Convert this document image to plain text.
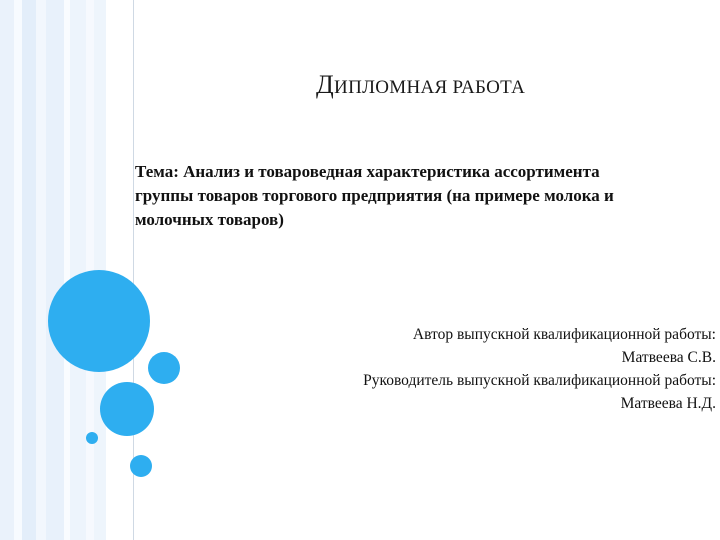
ДИПЛОМНАЯ РАБОТА
Тема: Анализ и товароведная характеристика ассортимента
группы товаров торгового предприятия (на примере молока и
молочных товаров)
Автор выпускной квалификационной работы:
Матвеева С.В.
Руководитель выпускной квалификационной работы:
Матвеева Н.Д.
